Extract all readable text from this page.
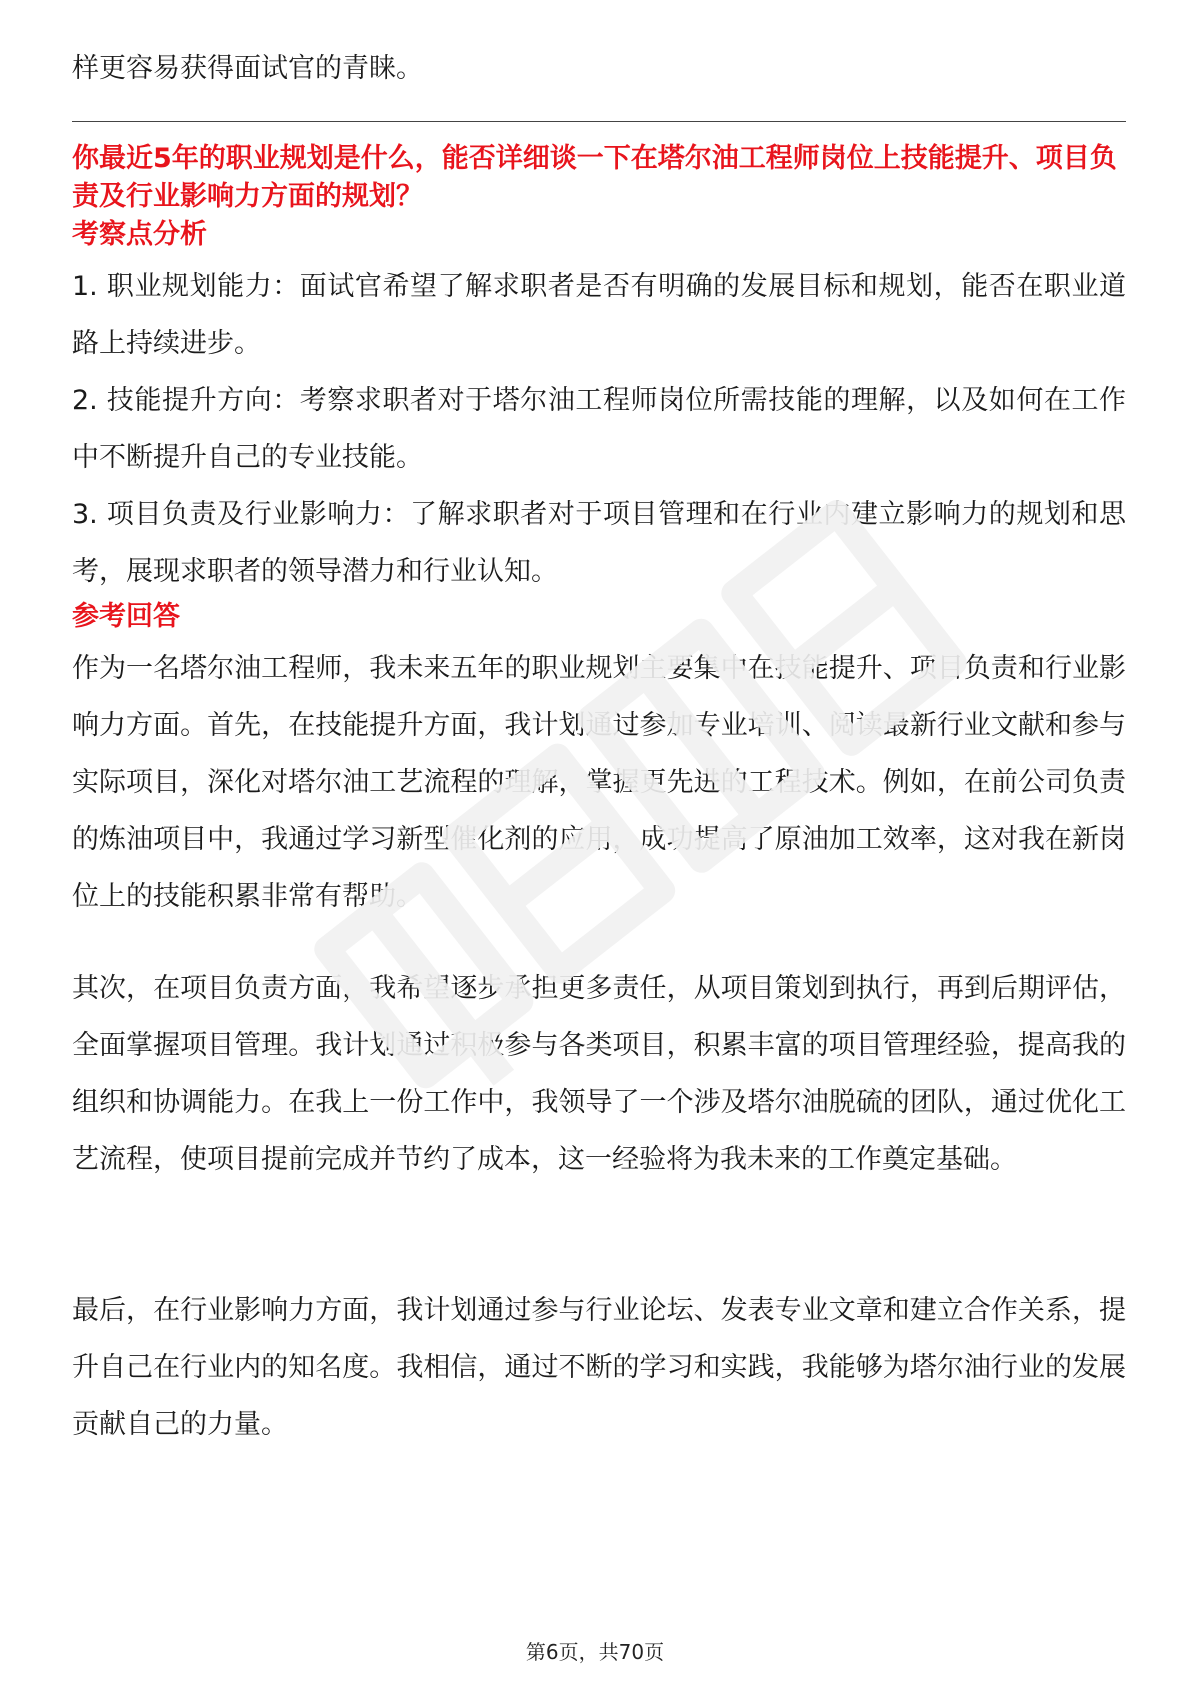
样更容易获得面试官的青睐。

你最近5年的职业规划是什么，能否详细谈一下在塔尔油工程师岗位上技能提升、项目负责及行业影响力方面的规划？

考察点分析

1. 职业规划能力：面试官希望了解求职者是否有明确的发展目标和规划，能否在职业道路上持续进步。

2. 技能提升方向：考察求职者对于塔尔油工程师岗位所需技能的理解，以及如何在工作中不断提升自己的专业技能。

3. 项目负责及行业影响力：了解求职者对于项目管理和在行业内建立影响力的规划和思考，展现求职者的领导潜力和行业认知。

参考回答

作为一名塔尔油工程师，我未来五年的职业规划主要集中在技能提升、项目负责和行业影响力方面。首先，在技能提升方面，我计划通过参加专业培训、阅读最新行业文献和参与实际项目，深化对塔尔油工艺流程的理解，掌握更先进的工程技术。例如，在前公司负责的炼油项目中，我通过学习新型催化剂的应用，成功提高了原油加工效率，这对我在新岗位上的技能积累非常有帮助。

其次，在项目负责方面，我希望逐步承担更多责任，从项目策划到执行，再到后期评估，全面掌握项目管理。我计划通过积极参与各类项目，积累丰富的项目管理经验，提高我的组织和协调能力。在我上一份工作中，我领导了一个涉及塔尔油脱硫的团队，通过优化工艺流程，使项目提前完成并节约了成本，这一经验将为我未来的工作奠定基础。

最后，在行业影响力方面，我计划通过参与行业论坛、发表专业文章和建立合作关系，提升自己在行业内的知名度。我相信，通过不断的学习和实践，我能够为塔尔油行业的发展贡献自己的力量。

第6页，共70页
